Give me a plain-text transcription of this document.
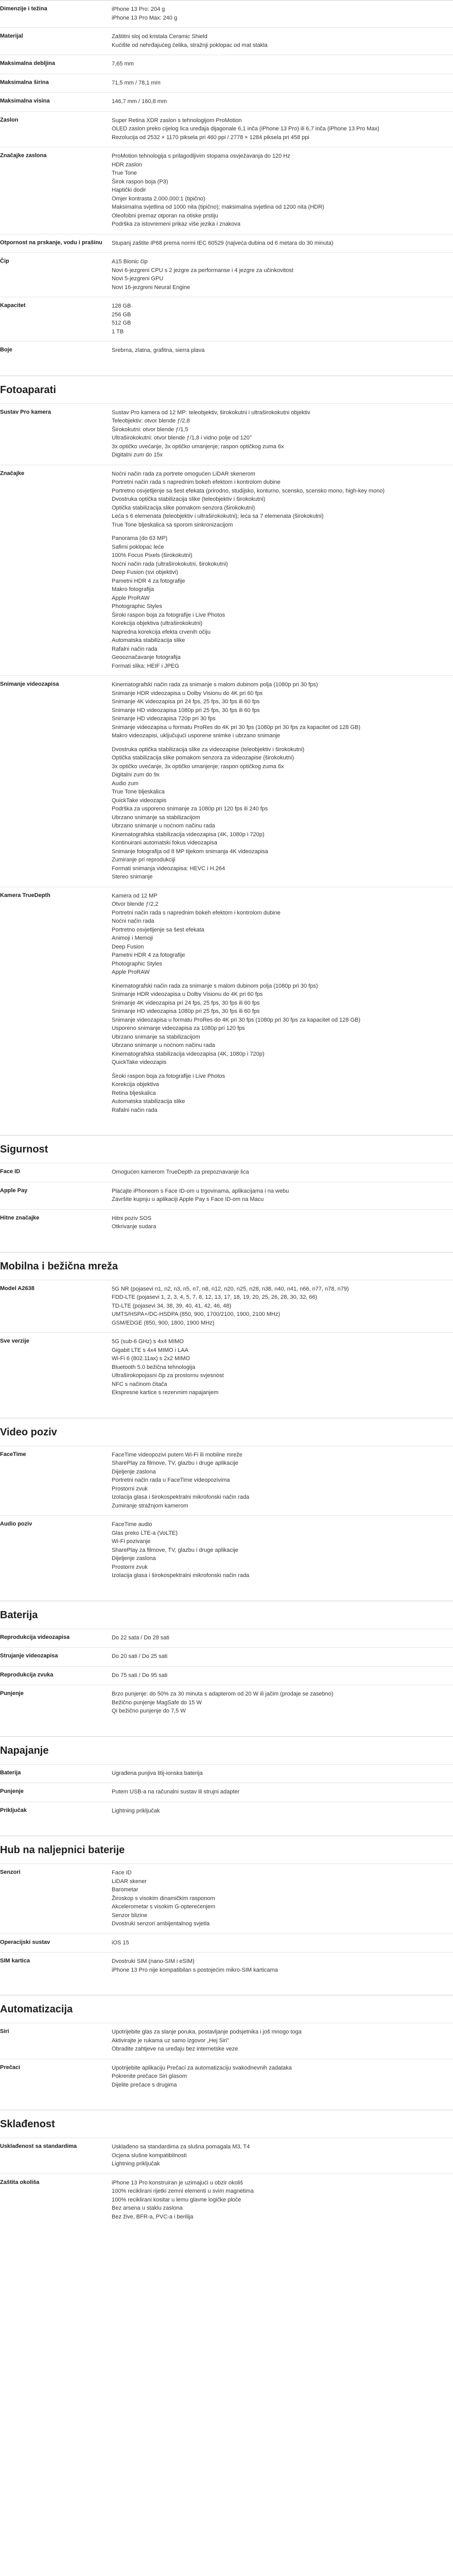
Dimenzije i težina	iPhone 13 Pro: 204 g
iPhone 13 Pro Max: 240 g

Materijal	Zaštitni sloj od kristala Ceramic Shield
Kućište od nehrđajućeg čelika, stražnji poklopac od mat stakla

Maksimalna debljina	7,65 mm

Maksimalna širina	71,5 mm / 78,1 mm

Maksimalna visina	146,7 mm / 160,8 mm

Zaslon	Super Retina XDR zaslon s tehnologijom ProMotion
OLED zaslon preko cijelog lica uređaja dijagonale 6,1 inča (iPhone 13 Pro) ili 6,7 inča (iPhone 13 Pro Max)
Rezolucija od 2532 × 1170 piksela pri 460 ppi / 2778 × 1284 piksela pri 458 ppi

Značajke zaslona	ProMotion tehnologija s prilagodljivim stopama osvježavanja do 120 Hz
HDR zaslon
True Tone
Širok raspon boja (P3)
Haptički dodir
Omjer kontrasta 2.000.000:1 (tipično)
Maksimalna svjetlina od 1000 nita (tipično); maksimalna svjetlina od 1200 nita (HDR)
Oleofobni premaz otporan na otiske prstiju
Podrška za istovremeni prikaz više jezika i znakova

Otpornost na prskanje, vodu i prašinu	Stupanj zaštite IP68 prema normi IEC 60529 (najveća dubina od 6 metara do 30 minuta)

Čip	A15 Bionic čip
Novi 6-jezgreni CPU s 2 jezgre za performanse i 4 jezgre za učinkovitost
Novi 5-jezgreni GPU
Novi 16-jezgreni Neural Engine

Kapacitet	128 GB
256 GB
512 GB
1 TB

Boje	Srebrna, zlatna, grafitna, sierra plava

Fotoaparati
Sustav Pro kamera	Sustav Pro kamera od 12 MP: teleobjektiv, širokokutni i ultraširokokutni objektiv
Teleobjektiv: otvor blende ƒ/2,8
Širokokutni: otvor blende ƒ/1,5
Ultraširokokutni: otvor blende ƒ/1,8 i vidno polje od 120°
3x optičko uvećanje, 3x optičko umanjenje; raspon optičkog zuma 6x
Digitalni zum do 15x

Značajke	Noćni način rada za portrete omogućen LiDAR skenerom
Portretni način rada s naprednim bokeh efektom i kontrolom dubine
Portretno osvjetljenje sa šest efekata (prirodno, studijsko, konturno, scensko, scensko mono, high-key mono)
Dvostruka optička stabilizacija slike (teleobjektiv i širokokutni)
Optička stabilizacija slike pomakom senzora (širokokutni)
Leća s 6 elemenata (teleobjektiv i ultraširokokutni); leća sa 7 elemenata (širokokutni)
True Tone bljeskalica sa sporom sinkronizacijom

Panorama (do 63 MP)
Safirni poklopac leće
100% Focus Pixels (širokokutni)
Noćni način rada (ultraširokokutni, širokokutni)
Deep Fusion (svi objektivi)
Pametni HDR 4 za fotografije
Makro fotografija
Apple ProRAW
Photographic Styles
Široki raspon boja za fotografije i Live Photos
Korekcija objektiva (ultraširokokutni)
Napredna korekcija efekta crvenih očiju
Automatska stabilizacija slike
Rafalni način rada
Geooznačavanje fotografija
Formati slika: HEIF i JPEG

Snimanje videozapisa	Kinematografski način rada za snimanje s malom dubinom polja (1080p pri 30 fps)
Snimanje HDR videozapisa u Dolby Visionu do 4K pri 60 fps
Snimanje 4K videozapisa pri 24 fps, 25 fps, 30 fps ili 60 fps
Snimanje HD videozapisa 1080p pri 25 fps, 30 fps ili 60 fps
Snimanje HD videozapisa 720p pri 30 fps
Snimanje videozapisa u formatu ProRes do 4K pri 30 fps (1080p pri 30 fps za kapacitet od 128 GB)
Makro videozapisi, uključujući usporene snimke i ubrzano snimanje

Dvostruka optička stabilizacija slike za videozapise (teleobjektiv i širokokutni)
Optička stabilizacija slike pomakom senzora za videozapise (širokokutni)
3x optičko uvećanje, 3x optičko umanjenje; raspon optičkog zuma 6x
Digitalni zum do 9x
Audio zum
True Tone bljeskalica
QuickTake videozapis
Podrška za usporeno snimanje za 1080p pri 120 fps ili 240 fps
Ubrzano snimanje sa stabilizacijom
Ubrzano snimanje u noćnom načinu rada
Kinematografska stabilizacija videozapisa (4K, 1080p i 720p)
Kontinuirani automatski fokus videozapisa
Snimanje fotografija od 8 MP tijekom snimanja 4K videozapisa
Zumiranje pri reprodukciji
Formati snimanja videozapisa: HEVC i H.264
Stereo snimanje

Kamera TrueDepth	Kamera od 12 MP
Otvor blende ƒ/2,2
Portretni način rada s naprednim bokeh efektom i kontrolom dubine
Noćni način rada
Portretno osvjetljenje sa šest efekata
Animoji i Memoji
Deep Fusion
Pametni HDR 4 za fotografije
Photographic Styles
Apple ProRAW

Kinematografski način rada za snimanje s malom dubinom polja (1080p pri 30 fps)
Snimanje HDR videozapisa u Dolby Visionu do 4K pri 60 fps
Snimanje 4K videozapisa pri 24 fps, 25 fps, 30 fps ili 60 fps
Snimanje HD videozapisa 1080p pri 25 fps, 30 fps ili 60 fps
Snimanje videozapisa u formatu ProRes do 4K pri 30 fps (1080p pri 30 fps za kapacitet od 128 GB)
Usporeno snimanje videozapisa za 1080p pri 120 fps
Ubrzano snimanje sa stabilizacijom
Ubrzano snimanje u noćnom načinu rada
Kinematografska stabilizacija videozapisa (4K, 1080p i 720p)
QuickTake videozapis

Široki raspon boja za fotografije i Live Photos
Korekcija objektiva
Retina bljeskalica
Automatska stabilizacija slike
Rafalni način rada

Sigurnost
Face ID	Omogućen kamerom TrueDepth za prepoznavanje lica

Apple Pay	Plaćajte iPhoneom s Face ID-om u trgovinama, aplikacijama i na webu
Završite kupnju u aplikaciji Apple Pay s Face ID-om na Macu

Hitne značajke	Hitni poziv SOS
Otkrivanje sudara

Mobilna i bežična mreža
Model A2638	5G NR (pojasevi n1, n2, n3, n5, n7, n8, n12, n20, n25, n28, n38, n40, n41, n66, n77, n78, n79)
FDD-LTE (pojasevi 1, 2, 3, 4, 5, 7, 8, 12, 13, 17, 18, 19, 20, 25, 26, 28, 30, 32, 66)
TD-LTE (pojasevi 34, 38, 39, 40, 41, 42, 46, 48)
UMTS/HSPA+/DC-HSDPA (850, 900, 1700/2100, 1900, 2100 MHz)
GSM/EDGE (850, 900, 1800, 1900 MHz)

Sve verzije	5G (sub-6 GHz) s 4x4 MIMO
Gigabit LTE s 4x4 MIMO i LAA
Wi-Fi 6 (802.11ax) s 2x2 MIMO
Bluetooth 5.0 bežična tehnologija
Ultraširokopojasni čip za prostornu svjesnost
NFC s načinom čitača
Ekspresne kartice s rezervnim napajanjem

Video poziv
FaceTime	FaceTime videopozivi putem Wi-Fi ili mobilne mreže
SharePlay za filmove, TV, glazbu i druge aplikacije
Dijeljenje zaslona
Portretni način rada u FaceTime videopozivima
Prostorni zvuk
Izolacija glasa i širokospektralni mikrofonski način rada
Zumiranje stražnjom kamerom

Audio poziv	FaceTime audio
Glas preko LTE-a (VoLTE)
Wi-Fi pozivanje
SharePlay za filmove, TV, glazbu i druge aplikacije
Dijeljenje zaslona
Prostorni zvuk
Izolacija glasa i širokospektralni mikrofonski način rada

Baterija
Reprodukcija videozapisa	Do 22 sata / Do 28 sati

Strujanje videozapisa	Do 20 sati / Do 25 sati

Reprodukcija zvuka	Do 75 sati / Do 95 sati

Punjenje	Brzo punjenje: do 50% za 30 minuta s adapterom od 20 W ili jačim (prodaje se zasebno)
Bežično punjenje MagSafe do 15 W
Qi bežično punjenje do 7,5 W

Napajanje
Baterija	Ugrađena punjiva litij-ionska baterija

Punjenje	Putem USB-a na računalni sustav ili strujni adapter

Priključak	Lightning priključak

Hub na naljepnici baterije
Senzori	Face ID
LiDAR skener
Barometar
Žiroskop s visokim dinamičkim rasponom
Akcelerometar s visokim G-opterećenjem
Senzor blizine
Dvostruki senzori ambijentalnog svjetla

Operacijski sustav	iOS 15

SIM kartica	Dvostruki SIM (nano-SIM i eSIM)
iPhone 13 Pro nije kompatibilan s postojećim mikro-SIM karticama

Automatizacija
Siri	Upotrijebite glas za slanje poruka, postavljanje podsjetnika i još mnogo toga
Aktivirajte je rukama uz samo izgovor „Hej Siri”
Obradite zahtjeve na uređaju bez internetske veze

Prečaci	Upotrijebite aplikaciju Prečaci za automatizaciju svakodnevnih zadataka
Pokrenite prečace Siri glasom
Dijelite prečace s drugima

Sklađenost
Usklađenost sa standardima	Usklađeno sa standardima za slušna pomagala M3, T4
Ocjena slušne kompatibilnosti
Lightning priključak

Zaštita okoliša	iPhone 13 Pro konstruiran je uzimajući u obzir okoliš
100% reciklirani rijetki zemni elementi u svim magnetima
100% reciklirani kositar u lemu glavne logičke ploče
Bez arsena u staklu zaslona
Bez žive, BFR-a, PVC-a i berilija
